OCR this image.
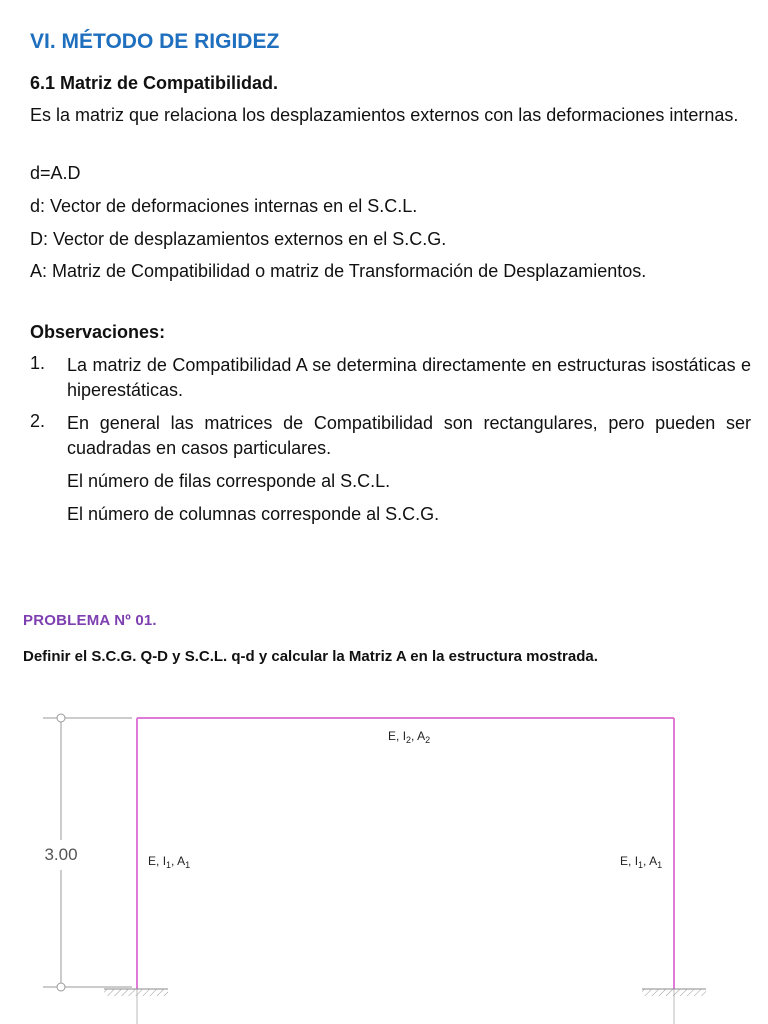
VI. MÉTODO DE RIGIDEZ
6.1 Matriz de Compatibilidad.
Es la matriz que relaciona los desplazamientos externos con las deformaciones internas.
d=A.D
d: Vector de deformaciones internas en el S.C.L.
D: Vector de desplazamientos externos en el S.C.G.
A: Matriz de Compatibilidad o matriz de Transformación de Desplazamientos.
Observaciones:
1. La matriz de Compatibilidad A se determina directamente en estructuras isostáticas e hiperestáticas.
2. En general las matrices de Compatibilidad son rectangulares, pero pueden ser cuadradas en casos particulares.
El número de filas corresponde al S.C.L.
El número de columnas corresponde al S.C.G.
PROBLEMA Nº 01.
Definir el S.C.G. Q-D y S.C.L. q-d y calcular la Matriz A en la estructura mostrada.
3.00
E, $I_2$, $A_2$
E, $I_1$, $A_1$	E, $I_1$, $A_1$
